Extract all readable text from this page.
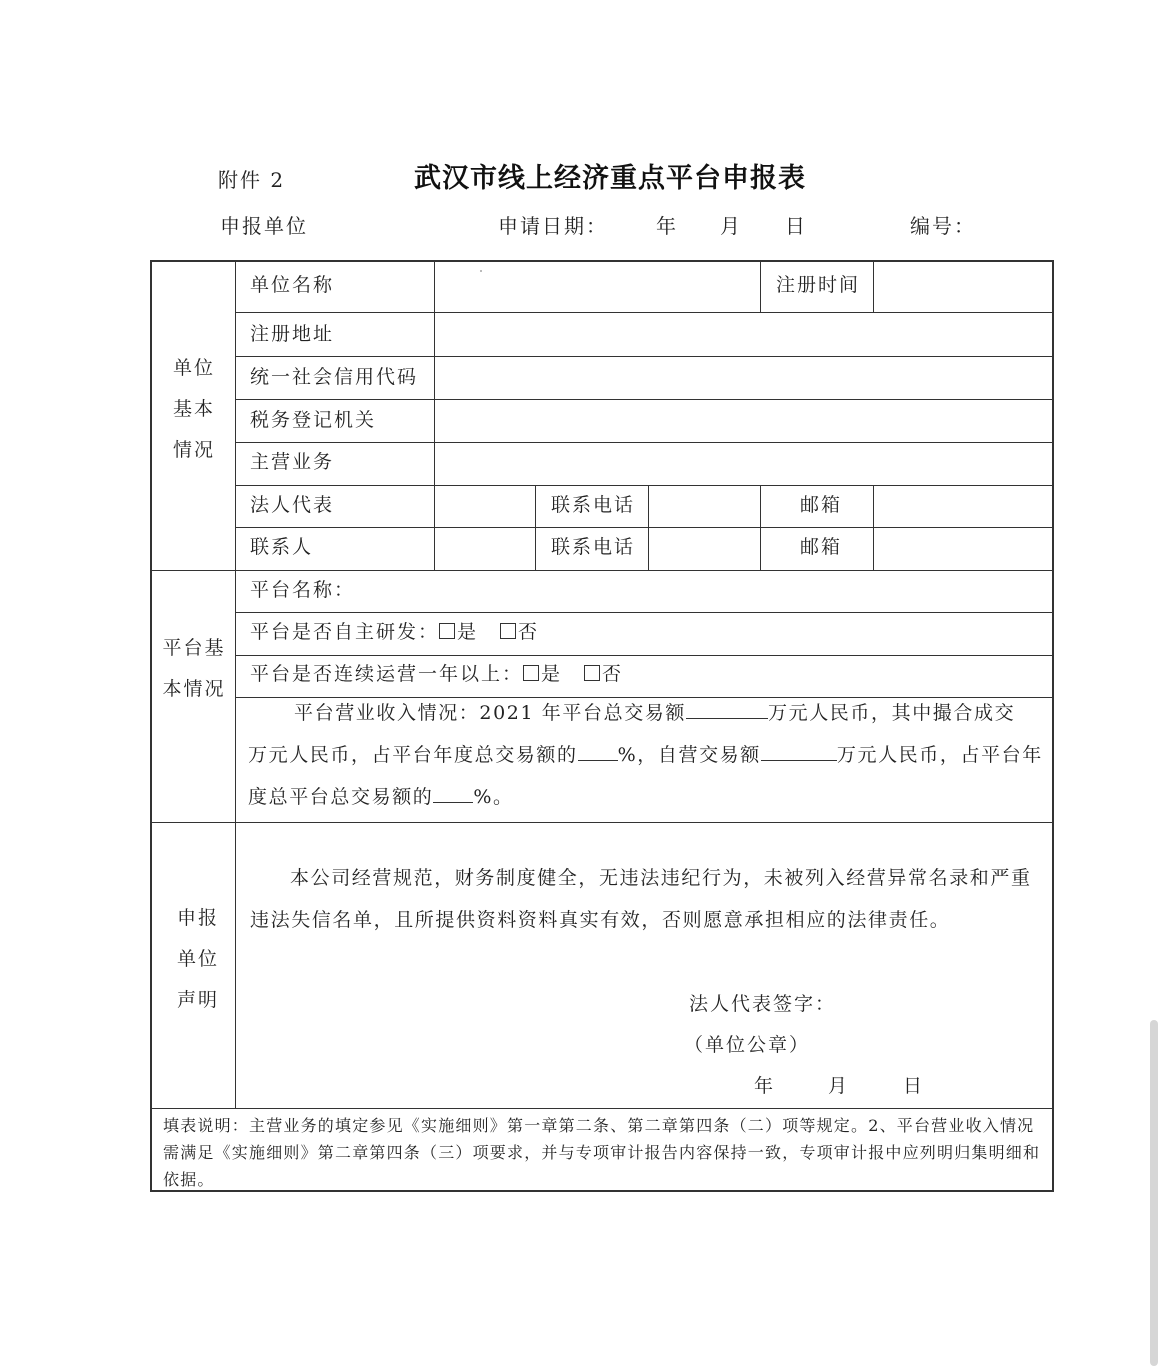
附件 2	武汉市线上经济重点平台申报表
申报单位	申请日期： 年 月 日	编号：
单位基本情况
单位名称	注册时间
注册地址
统一社会信用代码
税务登记机关
主营业务
法人代表	联系电话	邮箱
联系人	联系电话	邮箱
平台基本情况
平台名称：
平台是否自主研发： 是 否
平台是否连续运营一年以上： 是 否
平台营业收入情况：2021 年平台总交易额	万元人民币，其中撮合成交
万元人民币，占平台年度总交易额的 %，自营交易额	万元人民币，占平台年
度总平台总交易额的 %。
申报单位声明
本公司经营规范，财务制度健全，无违法违纪行为，未被列入经营异常名录和严重
违法失信名单，且所提供资料资料真实有效，否则愿意承担相应的法律责任。
法人代表签字：
（单位公章）
年	月	日
填表说明：主营业务的填定参见《实施细则》第一章第二条、第二章第四条（二）项等规定。2、平台营业收入情况需满足《实施细则》第二章第四条（三）项要求，并与专项审计报告内容保持一致，专项审计报中应列明归集明细和依据。
